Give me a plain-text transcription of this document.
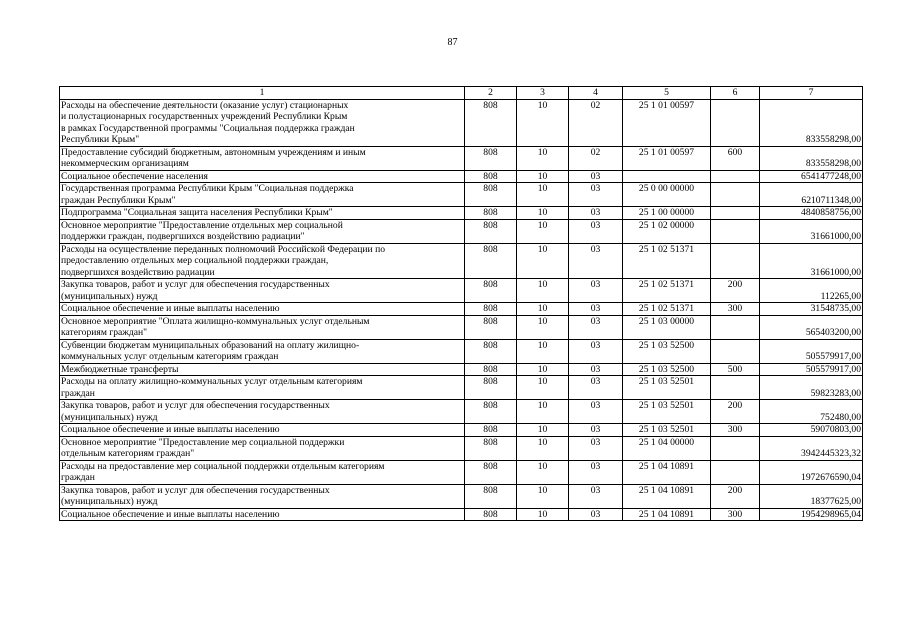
87
1	2	3	4	5	6	7
Расходы на обеспечение деятельности (оказание услуг) стационарных
и полустационарных государственных учреждений Республики Крым
в рамках Государственной программы "Социальная поддержка граждан
Республики Крым"	808	10	02	25 1 01 00597		833558298,00
Предоставление субсидий бюджетным, автономным учреждениям и иным
некоммерческим организациям	808	10	02	25 1 01 00597	600	833558298,00
Социальное обеспечение населения	808	10	03			6541477248,00
Государственная программа Республики Крым "Социальная поддержка
граждан Республики Крым"	808	10	03	25 0 00 00000		6210711348,00
Подпрограмма "Социальная защита населения Республики Крым"	808	10	03	25 1 00 00000		4840858756,00
Основное мероприятие "Предоставление отдельных мер социальной
поддержки граждан, подвергшихся воздействию радиации"	808	10	03	25 1 02 00000		31661000,00
Расходы на осуществление переданных полномочий Российской Федерации по
предоставлению отдельных мер социальной поддержки граждан,
подвергшихся воздействию радиации	808	10	03	25 1 02 51371		31661000,00
Закупка товаров, работ и услуг для обеспечения государственных
(муниципальных) нужд	808	10	03	25 1 02 51371	200	112265,00
Социальное обеспечение и иные выплаты населению	808	10	03	25 1 02 51371	300	31548735,00
Основное мероприятие "Оплата жилищно-коммунальных услуг отдельным
категориям граждан"	808	10	03	25 1 03 00000		565403200,00
Субвенции бюджетам муниципальных образований на оплату жилищно-
коммунальных услуг отдельным категориям граждан	808	10	03	25 1 03 52500		505579917,00
Межбюджетные трансферты	808	10	03	25 1 03 52500	500	505579917,00
Расходы на оплату жилищно-коммунальных услуг отдельным категориям
граждан	808	10	03	25 1 03 52501		59823283,00
Закупка товаров, работ и услуг для обеспечения государственных
(муниципальных) нужд	808	10	03	25 1 03 52501	200	752480,00
Социальное обеспечение и иные выплаты населению	808	10	03	25 1 03 52501	300	59070803,00
Основное мероприятие "Предоставление мер социальной поддержки
отдельным категориям граждан"	808	10	03	25 1 04 00000		3942445323,32
Расходы на предоставление мер социальной поддержки отдельным категориям
граждан	808	10	03	25 1 04 10891		1972676590,04
Закупка товаров, работ и услуг для обеспечения государственных
(муниципальных) нужд	808	10	03	25 1 04 10891	200	18377625,00
Социальное обеспечение и иные выплаты населению	808	10	03	25 1 04 10891	300	1954298965,04
